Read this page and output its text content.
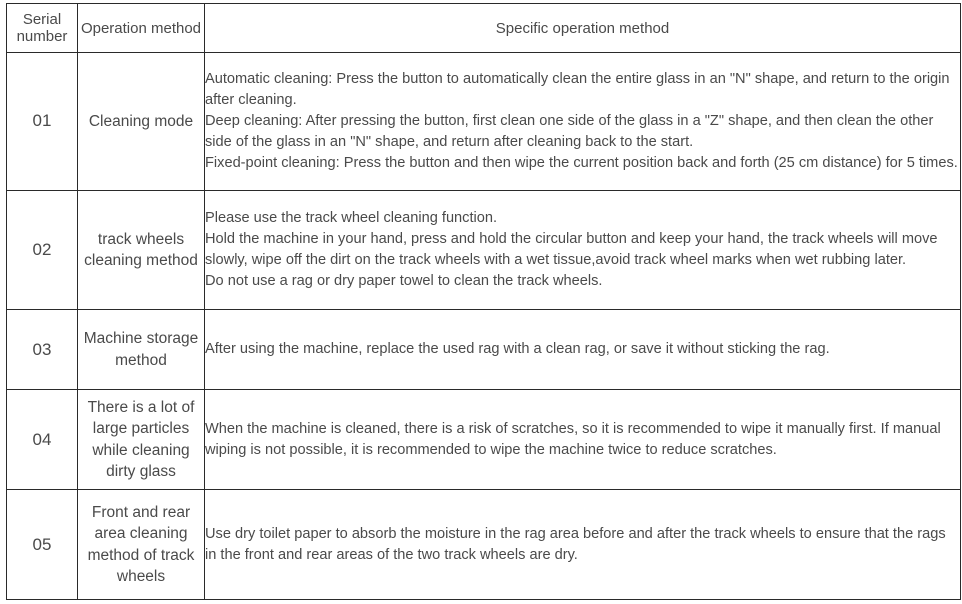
Serial number	Operation method	Specific operation method
01	Cleaning mode	Automatic cleaning: Press the button to automatically clean the entire glass in an "N" shape, and return to the origin after cleaning.
Deep cleaning: After pressing the button, first clean one side of the glass in a "Z" shape, and then clean the other side of the glass in an "N" shape, and return after cleaning back to the start.
Fixed-point cleaning: Press the button and then wipe the current position back and forth (25 cm distance) for 5 times.

02	track wheels cleaning method	Please use the track wheel cleaning function.
Hold the machine in your hand, press and hold the circular button and keep your hand, the track wheels will move slowly, wipe off the dirt on the track wheels with a wet tissue,avoid track wheel marks when wet rubbing later.
Do not use a rag or dry paper towel to clean the track wheels.

03	Machine storage method	After using the machine, replace the used rag with a clean rag, or save it without sticking the rag.

04	There is a lot of large particles while cleaning dirty glass	When the machine is cleaned, there is a risk of scratches, so it is recommended to wipe it manually first. If manual wiping is not possible, it is recommended to wipe the machine twice to reduce scratches.

05	Front and rear area cleaning method of track wheels	Use dry toilet paper to absorb the moisture in the rag area before and after the track wheels to ensure that the rags in the front and rear areas of the two track wheels are dry.
